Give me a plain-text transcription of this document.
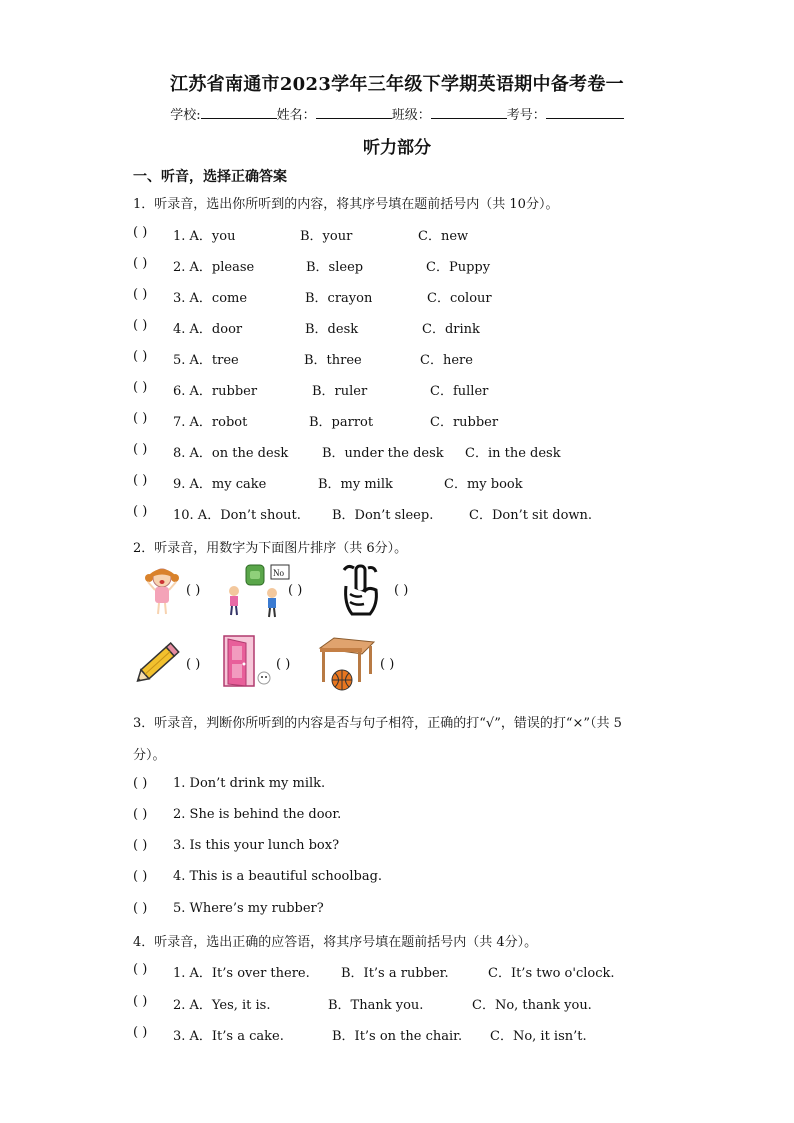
江苏省南通市2023学年三年级下学期英语期中备考卷一
学校:	姓名：	班级：	考号：
听力部分
一、听音，选择正确答案
1．听录音，选出你所听到的内容，将其序号填在题前括号内（共 10分）。
( ) 1. A．you	B．your	C．new
( ) 2. A．please	B．sleep	C．Puppy
( ) 3. A．come	B．crayon	C．colour
( ) 4. A．door	B．desk	C．drink
( ) 5. A．tree	B．three	C．here
( ) 6. A．rubber	B．ruler	C．fuller
( ) 7. A．robot	B．parrot	C．rubber
( ) 8. A．on the desk	B．under the desk C．in the desk
( ) 9. A．my cake	B．my milk	C．my book
( ) 10. A．Don’t shout. B．Don’t sleep.	C．Don’t sit down.
2．听录音，用数字为下面图片排序（共 6分）。
( )
No
( )	( )
( )	( )	( )
3．听录音，判断你所听到的内容是否与句子相符，正确的打“√”，错误的打“×”（共 5
分）。
( ) 1. Don’t drink my milk.
( ) 2. She is behind the door.
( ) 3. Is this your lunch box?
( ) 4. This is a beautiful schoolbag.
( ) 5. Where’s my rubber?
4．听录音，选出正确的应答语，将其序号填在题前括号内（共 4分）。
( ) 1. A．It’s over there. B．It’s a rubber.	C．It’s two o'clock.
( ) 2. A．Yes, it is.	B．Thank you.	C．No, thank you.
( ) 3. A．It’s a cake.	B．It’s on the chair. C．No, it isn’t.
